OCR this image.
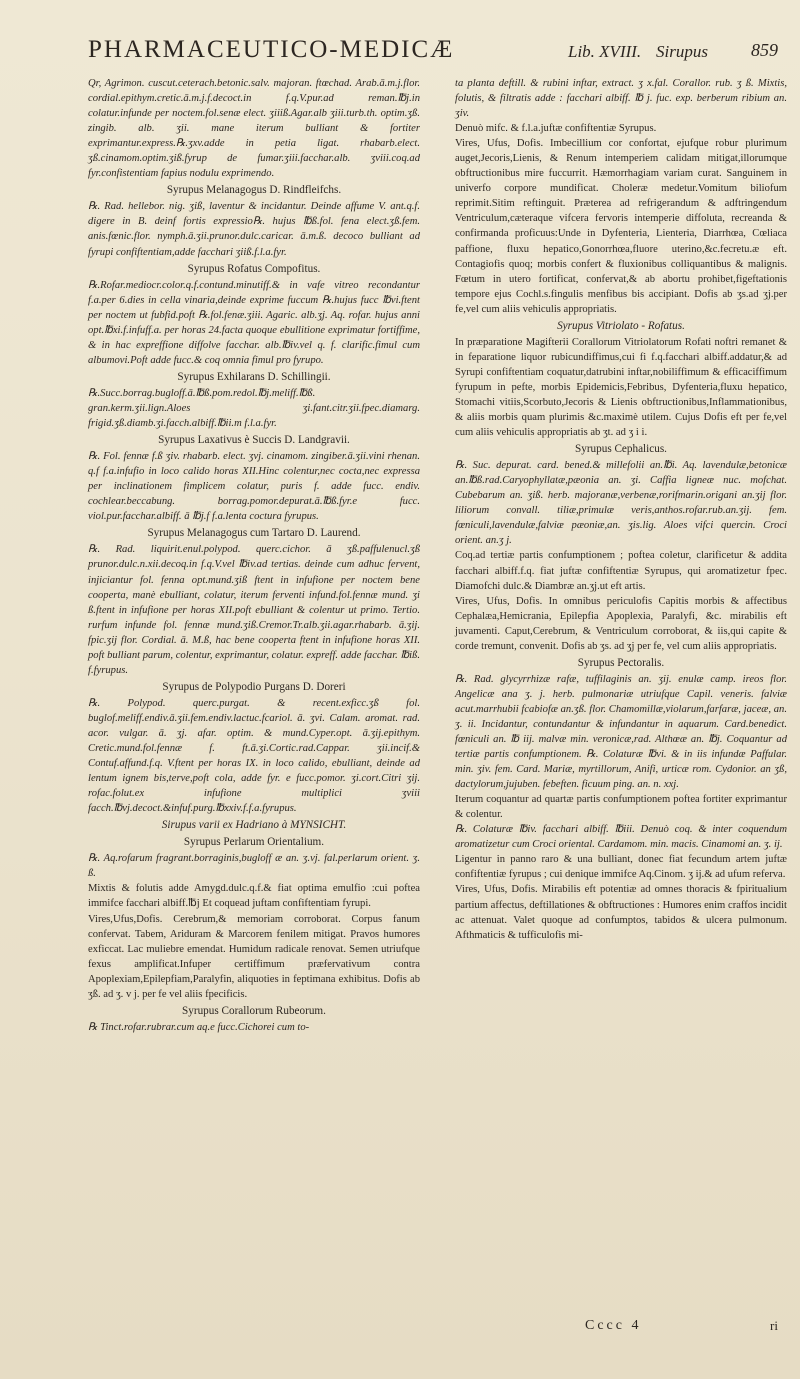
PHARMACEUTICO-MEDICÆ	Lib. XVIII. Sirupus 859

Qr, Agrimon. cuscut.ceterach.betonic.salv. majoran. ftœchad. Arab.ā.m.j.flor. cordial.epithym.cretic.ā.m.j.f.decoct.in f.q.V.pur.ad reman.℔j.in colatur.infunde per noctem.fol.senæ elect. ʒiiiß.Agar.alb ʒiii.turb.th. optim.ʒß. zingib. alb. ʒii. mane iterum bulliant & fortiter exprimantur.express.℞.ʒxv.adde in petia ligat. rhabarb.elect. ʒß.cinamom.optim.ʒiß.fyrup de fumar.ʒiii.facchar.alb. ʒviii.coq.ad fyr.confistentiam fapius nodulu exprimendo.

Syrupus Melanagogus D. Rindfleifchs.

℞. Rad. hellebor. nig. ʒiß, laventur & incidantur. Deinde affume V. ant.q.f. digere in B. deinf fortis expressio℞. hujus ℔ß.fol. fena elect.ʒß.fem. anis.fœnic.flor. nymph.ā.ʒii.prunor.dulc.caricar. ā.m.ß. decoco bulliant ad fyrupi confiftentiam,adde facchari ʒiiß.f.l.a.fyr.

Syrupus Rofatus Compofitus.

℞.Rofar.mediocr.color.q.f.contund.minutiff.& in vafe vitreo recondantur f.a.per 6.dies in cella vinaria,deinde exprime fuccum ℞.hujus fucc ℔vi.ftent per noctem ut fubfid.poft ℞.fol.fenæ.ʒiii. Agaric. alb.ʒj. Aq. rofar. hujus anni opt.℔xi.f.infuff.a. per horas 24.facta quoque ebullitione exprimatur fortiffime, & in hac expreffione diffolve facchar. alb.℔iv.vel q. f. clarific.fimul cum albumovi.Poft adde fucc.& coq omnia fimul pro fyrupo.

Syrupus Exhilarans D. Schillingii.

℞.Succ.borrag.bugloff.ā.℔ß.pom.redol.℔j.meliff.℔ß. gran.kerm.ʒii.lign.Aloes ʒi.fant.citr.ʒii.fpec.diamarg. frigid.ʒß.diamb.ʒi.facch.albiff.℔ii.m f.l.a.fyr.

Syrupus Laxativus è Succis D. Landgravii.

℞. Fol. fennæ f.ß ʒiv. rhabarb. elect. ʒvj. cinamom. zingiber.ā.ʒii.vini rhenan. q.f f.a.infufio in loco calido horas XII.Hinc colentur,nec cocta,nec expressa per inclinationem fimplicem colatur, puris f. adde fucc. endiv. cochlear.beccabung. borrag.pomor.depurat.ā.℔ß.fyr.e fucc. viol.pur.facchar.albiff. ā ℔j.f f.a.lenta coctura fyrupus.

Syrupus Melanagogus cum Tartaro D. Laurend.

℞. Rad. liquirit.enul.polypod. querc.cichor. ā ʒß.paffulenucl.ʒß prunor.dulc.n.xii.decoq.in f.q.V.vel ℔iv.ad tertias. deinde cum adhuc fervent, injiciantur fol. fenna opt.mund.ʒiß ftent in infufione per noctem bene cooperta, manè ebulliant, colatur, iterum ferventi infund.fol.fennæ mund. ʒi ß.ftent in infufione per horas XII.poft ebulliant & colentur ut primo. Tertio. rurfum infunde fol. fennæ mund.ʒiß.Cremor.Tr.alb.ʒii.agar.rhabarb. ā.ʒij. fpic.ʒij flor. Cordial. ā. M.ß, hac bene cooperta ftent in infufione horas XII. poft bulliant parum, colentur, exprimantur, colatur. expreff. adde facchar. ℔iß. f.fyrupus.

Syrupus de Polypodio Purgans D. Doreri

℞. Polypod. querc.purgat. & recent.exficc.ʒß fol. buglof.meliff.endiv.ā.ʒii.fem.endiv.lactuc.fcariol. ā. ʒvi. Calam. aromat. rad. acor. vulgar. ā. ʒj. afar. optim. & mund.Cyper.opt. ā.ʒij.epithym. Cretic.mund.fol.fennæ f. ft.ā.ʒi.Cortic.rad.Cappar. ʒii.incif.& Contuf.affund.f.q. V.ftent per horas IX. in loco calido, ebulliant, deinde ad lentum ignem bis,terve,poft cola, adde fyr. e fucc.pomor. ʒi.cort.Citri ʒij. rofac.folut.ex infufione multiplici ʒviii facch.℔vj.decoct.&infuf.purg.℔xxiv.f.f.a.fyrupus.

Sirupus varii ex Hadriano à MYNSICHT.

Syrupus Perlarum Orientalium.

℞. Aq.rofarum fragrant.borraginis,bugloff æ an. ʒ.vj. fal.perlarum orient. ʒ. ß.

Mixtis & folutis adde Amygd.dulc.q.f.& fiat optima emulfio :cui poftea immifce facchari albiff.℔j Et coquead juftam confiftentiam fyrupi.

Vires,Ufus,Dofis. Cerebrum,& memoriam corroborat. Corpus fanum confervat. Tabem, Ariduram & Marcorem fenilem mitigat. Pravos humores exficcat. Lac muliebre emendat. Humidum radicale renovat. Semen utriufque fexus amplificat.Infuper certiffimum præfervativum contra Apoplexiam,Epilepfiam,Paralyfin, aliquoties in feptimana exhibitus. Dofis ab ʒß. ad ʒ. v j. per fe vel aliis fpecificis.

Syrupus Corallorum Rubeorum.

℞ Tinct.rofar.rubrar.cum aq.e fucc.Cichorei cum to-

ta planta deftill. & rubini inftar, extract. ʒ x.fal. Corallor. rub. ʒ ß. Mixtis, folutis, & filtratis adde : facchari albiff. ℔ j. fuc. exp. berberum ribium an. ʒiv.

Denuò mifc. & f.l.a.juftæ confiftentiæ Syrupus.

Vires, Ufus, Dofis. Imbecillium cor confortat, ejufque robur plurimum auget,Jecoris,Lienis, & Renum intemperiem calidam mitigat,illorumque obftructionibus mire fuccurrit. Hæmorrhagiam variam curat. Sanguinem in univerfo corpore mundificat. Choleræ medetur.Vomitum biliofum reprimit.Sitim reftinguit. Præterea ad refrigerandum & adftringendum Ventriculum,cæteraque vifcera fervoris intemperie diffoluta, recreanda & confirmanda proficuus:Unde in Dyfenteria, Lienteria, Diarrhœa, Cœliaca paffione, fluxu hepatico,Gonorrhœa,fluore uterino,&c.fecretu.æ eft. Contagiofis quoq; morbis confert & fluxionibus colliquantibus & malignis. Fœtum in utero fortificat, confervat,& ab abortu prohibet,figeftationis tempore ejus Cochl.s.fingulis menfibus bis accipiant. Dofis ab ʒs.ad ʒj.per fe,vel cum aliis vehiculis appropriatis.

Syrupus Vitriolato - Rofatus.

In præparatione Magifterii Corallorum Vitriolatorum Rofati noftri remanet & in feparatione liquor rubicundiffimus,cui fi f.q.facchari albiff.addatur,& ad Syrupi confiftentiam coquatur,datrubini inftar,nobiliffimum & efficaciffimum fyrupum in pefte, morbis Epidemicis,Febribus, Dyfenteria,fluxu hepatico, Stomachi vitiis,Scorbuto,Jecoris & Lienis obftructionibus,Inflammationibus, & aliis morbis quam plurimis &c.maximè utilem. Cujus Dofis eft per fe,vel cum aliis vehiculis appropriatis ab ʒt. ad ʒ i i.

Syrupus Cephalicus.

℞. Suc. depurat. card. bened.& millefolii an.℔i. Aq. lavendulæ,betonicæ an.℔ß.rad.Caryophyllatæ,pæonia an. ʒi. Caffia ligneæ nuc. mofchat. Cubebarum an. ʒiß. herb. majoranæ,verbenæ,rorifmarin.origani an.ʒij flor. liliorum convall. tiliæ,primulæ veris,anthos.rofar.rub.an.ʒij. fem. fœniculi,lavendulæ,falviæ pæoniæ,an. ʒis.lig. Aloes vifci quercin. Croci orient. an.ʒ j.

Coq.ad tertiæ partis confumptionem ; poftea coletur, clarificetur & addita facchari albiff.f.q. fiat juftæ confiftentiæ Syrupus, qui aromatizetur fpec. Diamofchi dulc.& Diambræ an.ʒj.ut eft artis.

Vires, Ufus, Dofis. In omnibus periculofis Capitis morbis & affectibus Cephalæa,Hemicrania, Epilepfia Apoplexia, Paralyfi, &c. mirabilis eft juvamenti. Caput,Cerebrum, & Ventriculum corroborat, & iis,qui capite & corde tremunt, convenit. Dofis ab ʒs. ad ʒj per fe, vel cum aliis appropriatis.

Syrupus Pectoralis.

℞. Rad. glycyrrhizæ rafæ, tuffilaginis an. ʒij. enulæ camp. ireos flor. Angelicæ ana ʒ. j. herb. pulmonariæ utriufque Capil. veneris. falviæ acut.marrhubii fcabiofæ an.ʒß. flor. Chamomillæ,violarum,farfaræ, jaceæ, an. ʒ. ii. Incidantur, contundantur & infundantur in aquarum. Card.benedict. fœniculi an. ℔ iij. malvæ min. veronicæ,rad. Althœæ an. ℔j. Coquantur ad tertiæ partis confumptionem. ℞. Colaturæ ℔vi. & in iis infundæ Paffular. min. ʒiv. fem. Card. Mariæ, myrtillorum, Anifi, urticæ rom. Cydonior. an ʒß, dactylorum,jujuben. febeften. ficuum ping. an. n. xxj.

Iterum coquantur ad quartæ partis confumptionem poftea fortiter exprimantur & colentur.

℞. Colaturæ ℔iv. facchari albiff. ℔iii. Denuò coq. & inter coquendum aromatizetur cum Croci oriental. Cardamom. min. macis. Cinamomi an. ʒ. ij.

Ligentur in panno raro & una bulliant, donec fiat fecundum artem juftæ confiftentiæ fyrupus ; cui denique immifce Aq.Cinom. ʒ ij.& ad ufum referva.

Vires, Ufus, Dofis. Mirabilis eft potentiæ ad omnes thoracis & fpiritualium partium affectus, deftillationes & obftructiones : Humores enim craffos incidit ac attenuat. Valet quoque ad confumptos, tabidos & ulcera pulmonum. Afthmaticis & tufficulofis mi-

Cccc 4	ri
